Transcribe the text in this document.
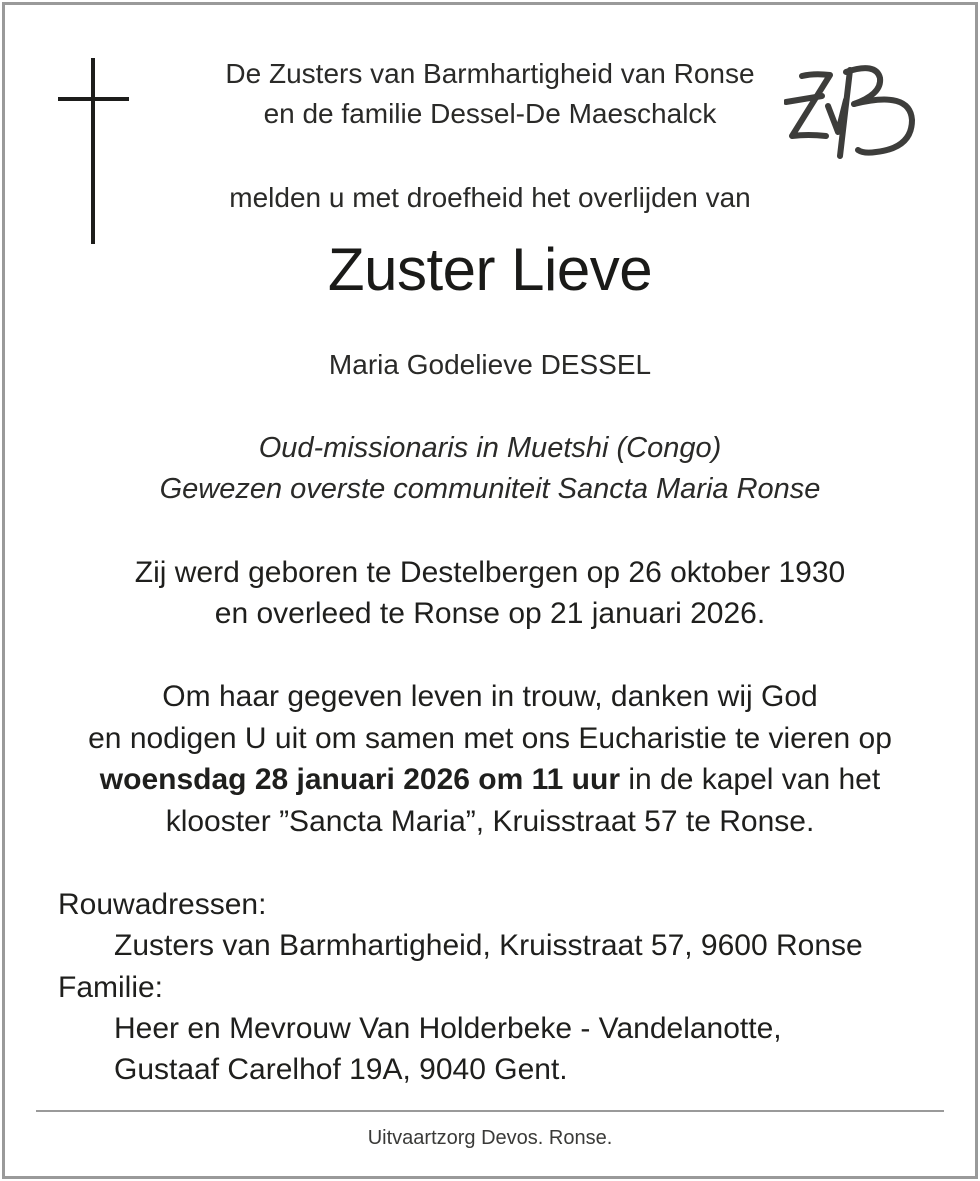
De Zusters van Barmhartigheid van Ronse
en de familie Dessel-De Maeschalck
melden u met droefheid het overlijden van
Zuster Lieve
Maria Godelieve DESSEL
Oud-missionaris in Muetshi (Congo)
Gewezen overste communiteit Sancta Maria Ronse
Zij werd geboren te Destelbergen op 26 oktober 1930
en overleed te Ronse op 21 januari 2026.
Om haar gegeven leven in trouw, danken wij God
en nodigen U uit om samen met ons Eucharistie te vieren op
woensdag 28 januari 2026 om 11 uur in de kapel van het
klooster ”Sancta Maria”, Kruisstraat 57 te Ronse.
Rouwadressen:
Zusters van Barmhartigheid, Kruisstraat 57, 9600 Ronse
Familie:
Heer en Mevrouw Van Holderbeke - Vandelanotte,
Gustaaf Carelhof 19A, 9040 Gent.
Uitvaartzorg Devos. Ronse.
